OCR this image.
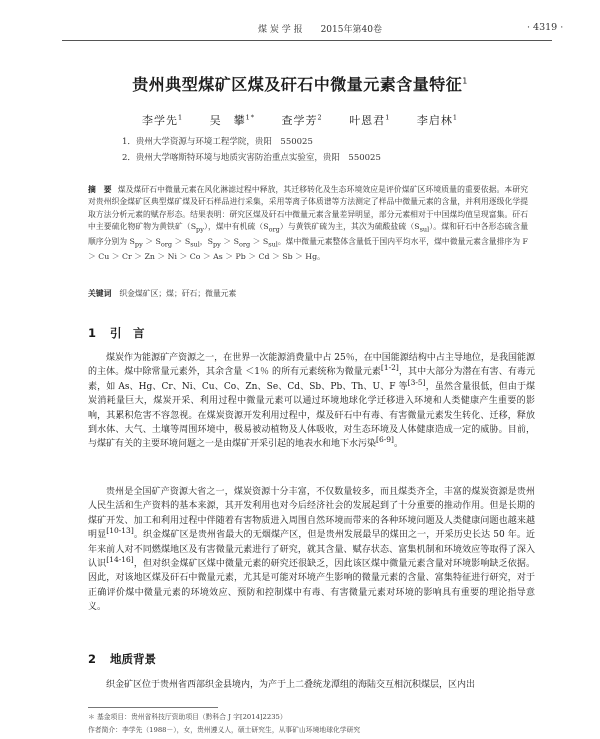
煤 炭 学 报　　2015年第40卷	· 4319 ·
贵州典型煤矿区煤及矸石中微量元素含量特征$^1$
李学先$^1$ 吴　攀$^{1*}$ 查学芳$^2$ 叶恩君$^1$ 李启林$^1$
1．贵州大学资源与环境工程学院，贵阳　550025
2．贵州大学喀斯特环境与地质灾害防治重点实验室，贵阳　550025
摘　要 煤及煤矸石中微量元素在风化淋滤过程中释放，其迁移转化及生态环境效应是评价煤矿区环境质量的重要依据。本研究对贵州织金煤矿区典型煤矿煤及矸石样品进行采集，采用等离子体质谱等方法测定了样品中微量元素的含量，并利用逐级化学提取方法分析元素的赋存形态。结果表明：研究区煤及矸石中微量元素含量差异明显，部分元素相对于中国煤均值呈现富集。矸石中主要硫化物矿物为黄铁矿$(S_{py})$，煤中有机硫$(S_{org})$与黄铁矿硫为主，其次为硫酸盐硫$(S_{sul})$。煤和矸石中各形态硫含量顺序分别为 $S_{py} > S_{org} > S_{sul}$，$S_{py} > S_{org} > S_{sul}$。煤中微量元素整体含量低于国内平均水平，煤中微量元素含量排序为 F ＞ Cu ＞ Cr ＞ Zn ＞ Ni ＞ Co ＞ As ＞ Pb ＞ Cd ＞ Sb ＞ Hg。
关键词 织金煤矿区；煤；矸石；微量元素
1 引　言

煤炭作为能源矿产资源之一，在世界一次能源消费量中占 25％，在中国能源结构中占主导地位，是我国能源的主体。煤中除常量元素外，其余含量 ＜1％ 的所有元素统称为微量元素[1-2]，其中大部分为潜在有害、有毒元素，如 As、Hg、Cr、Ni、Cu、Co、Zn、Se、Cd、Sb、Pb、Th、U、F 等[3-5]，虽然含量很低，但由于煤炭消耗量巨大，煤炭开采、利用过程中微量元素可以通过环境地球化学迁移进入环境和人类健康产生重要的影响，其累积危害不容忽视。在煤炭资源开发利用过程中，煤及矸石中有毒、有害微量元素发生转化、迁移，释放到水体、大气、土壤等周围环境中，极易被动植物及人体吸收，对生态环境及人体健康造成一定的威胁。目前，与煤矿有关的主要环境问题之一是由煤矿开采引起的地表水和地下水污染[6-9]。

贵州是全国矿产资源大省之一，煤炭资源十分丰富，不仅数量较多，而且煤类齐全，丰富的煤炭资源是贵州人民生活和生产资料的基本来源，其开发利用也对今后经济社会的发展起到了十分重要的推动作用。但是长期的煤矿开发、加工和利用过程中伴随着有害物质进入周围自然环境而带来的各种环境问题及人类健康问题也越来越明显[10-13]。织金煤矿区是贵州省最大的无烟煤产区，但是贵州发展最早的煤田之一，开采历史长达 50 年。近年来前人对不同燃煤地区及有害微量元素进行了研究，就其含量、赋存状态、富集机制和环境效应等取得了深入认识[14-16]，但对织金煤矿区煤中微量元素的研究还很缺乏，因此该区煤中微量元素含量对环境影响缺乏依据。因此，对该地区煤及矸石中微量元素，尤其是可能对环境产生影响的微量元素的含量、富集特征进行研究，对于正确评价煤中微量元素的环境效应、预防和控制煤中有毒、有害微量元素对环境的影响具有重要的理论指导意义。

2 地质背景

织金矿区位于贵州省西部织金县境内，为产于上二叠统龙潭组的海陆交互相沉积煤层，区内出

＊ 基金项目：贵州省科技厅资助项目（黔科合 J 字[2014]2235）
作者简介：李学先（1988－），女，贵州遵义人，硕士研究生，从事矿山环境地球化学研究
